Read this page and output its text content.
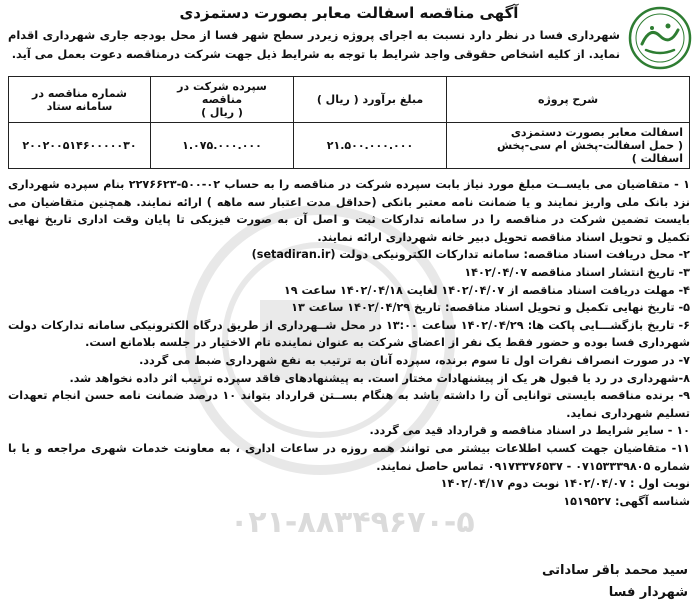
۰۲۱-۸۸۳۴۹۶۷۰-۵
آگهی مناقصه اسفالت معابر بصورت دستمزدی
شهرداری فسا در نظر دارد نسبت به اجرای پروژه زیردر سطح شهر فسا از محل بودجه جاری شهرداری اقدام نماید. از کلیه اشخاص حقوقی واجد شرایط با توجه به شرایط ذیل جهت شرکت درمناقصه دعوت بعمل می آید.
شرح پروژه	مبلغ برآورد ( ریال )	سپرده شرکت در مناقصه
( ریال )	شماره مناقصه در سامانه ستاد

اسفالت معابر بصورت دستمزدی
( حمل اسفالت-پخش ام سی-پخش اسفالت )	۲۱.۵۰۰.۰۰۰.۰۰۰	۱.۰۷۵.۰۰۰.۰۰۰	۲۰۰۲۰۰۵۱۴۶۰۰۰۰۰۳۰

۱ - متقاضیان می بایســت مبلغ مورد نیاز بابت سپرده شرکت در مناقصه را به حساب ۰۲-۵۰۰-۲۲۷۶۶۲۳ بنام سپرده شهرداری نزد بانک ملی واریز نمایند و یا ضمانت نامه معتبر بانکی (حداقل مدت اعتبار سه ماهه ) ارائه نمایند. همچنین متقاضیان می بایست تضمین شرکت در مناقصه را در سامانه تدارکات ثبت و اصل آن به صورت فیزیکی تا پایان وقت اداری تاریخ نهایی تکمیل و تحویل اسناد مناقصه تحویل دبیر خانه شهرداری ارائه نمایند.

۲- محل دریافت اسناد مناقصه: سامانه تدارکات الکترونیکی دولت (setadiran.ir)

۳- تاریخ انتشار اسناد مناقصه ۱۴۰۲/۰۴/۰۷

۴- مهلت دریافت اسناد مناقصه از ۱۴۰۲/۰۴/۰۷ لغایت ۱۴۰۲/۰۴/۱۸ ساعت ۱۹

۵- تاریخ نهایی تکمیل و تحویل اسناد مناقصه: تاریخ ۱۴۰۲/۰۴/۲۹ ساعت ۱۳

۶- تاریخ بازگشـــایی پاکت ها: ۱۴۰۲/۰۴/۲۹ ساعت ۱۳:۰۰ در محل شــهرداری از طریق درگاه الکترونیکی سامانه تدارکات دولت شهرداری فسا بوده و حضور فقط یک نفر از اعضای شرکت به عنوان نماینده تام الاختیار در جلسه بلامانع است.

۷- در صورت انصراف نفرات اول تا سوم برنده، سپرده آنان به ترتیب به نفع شهرداری ضبط می گردد.

۸-شهرداری در رد یا قبول هر یک از پیشنهادات مختار است. به پیشنهادهای فاقد سپرده ترتیب اثر داده نخواهد شد.

۹- برنده مناقصه بایستی توانایی آن را داشته باشد به هنگام بســتن قرارداد بتواند ۱۰ درصد ضمانت نامه حسن انجام تعهدات تسلیم شهرداری نماید.

۱۰ - سایر شرایط در اسناد مناقصه و قرارداد قید می گردد.

۱۱- متقاضیان جهت کسب اطلاعات بیشتر می توانند همه روزه در ساعات اداری ، به معاونت خدمات شهری مراجعه و یا با شماره ۰۷۱۵۳۳۳۹۸۰۵ - ۰۹۱۷۳۳۷۶۵۳۷ تماس حاصل نمایند.

نوبت اول : ۱۴۰۲/۰۴/۰۷ نوبت دوم ۱۴۰۲/۰۴/۱۷

شناسه آگهی: ۱۵۱۹۵۲۷

سید محمد باقر ساداتی
شهردار فسا
